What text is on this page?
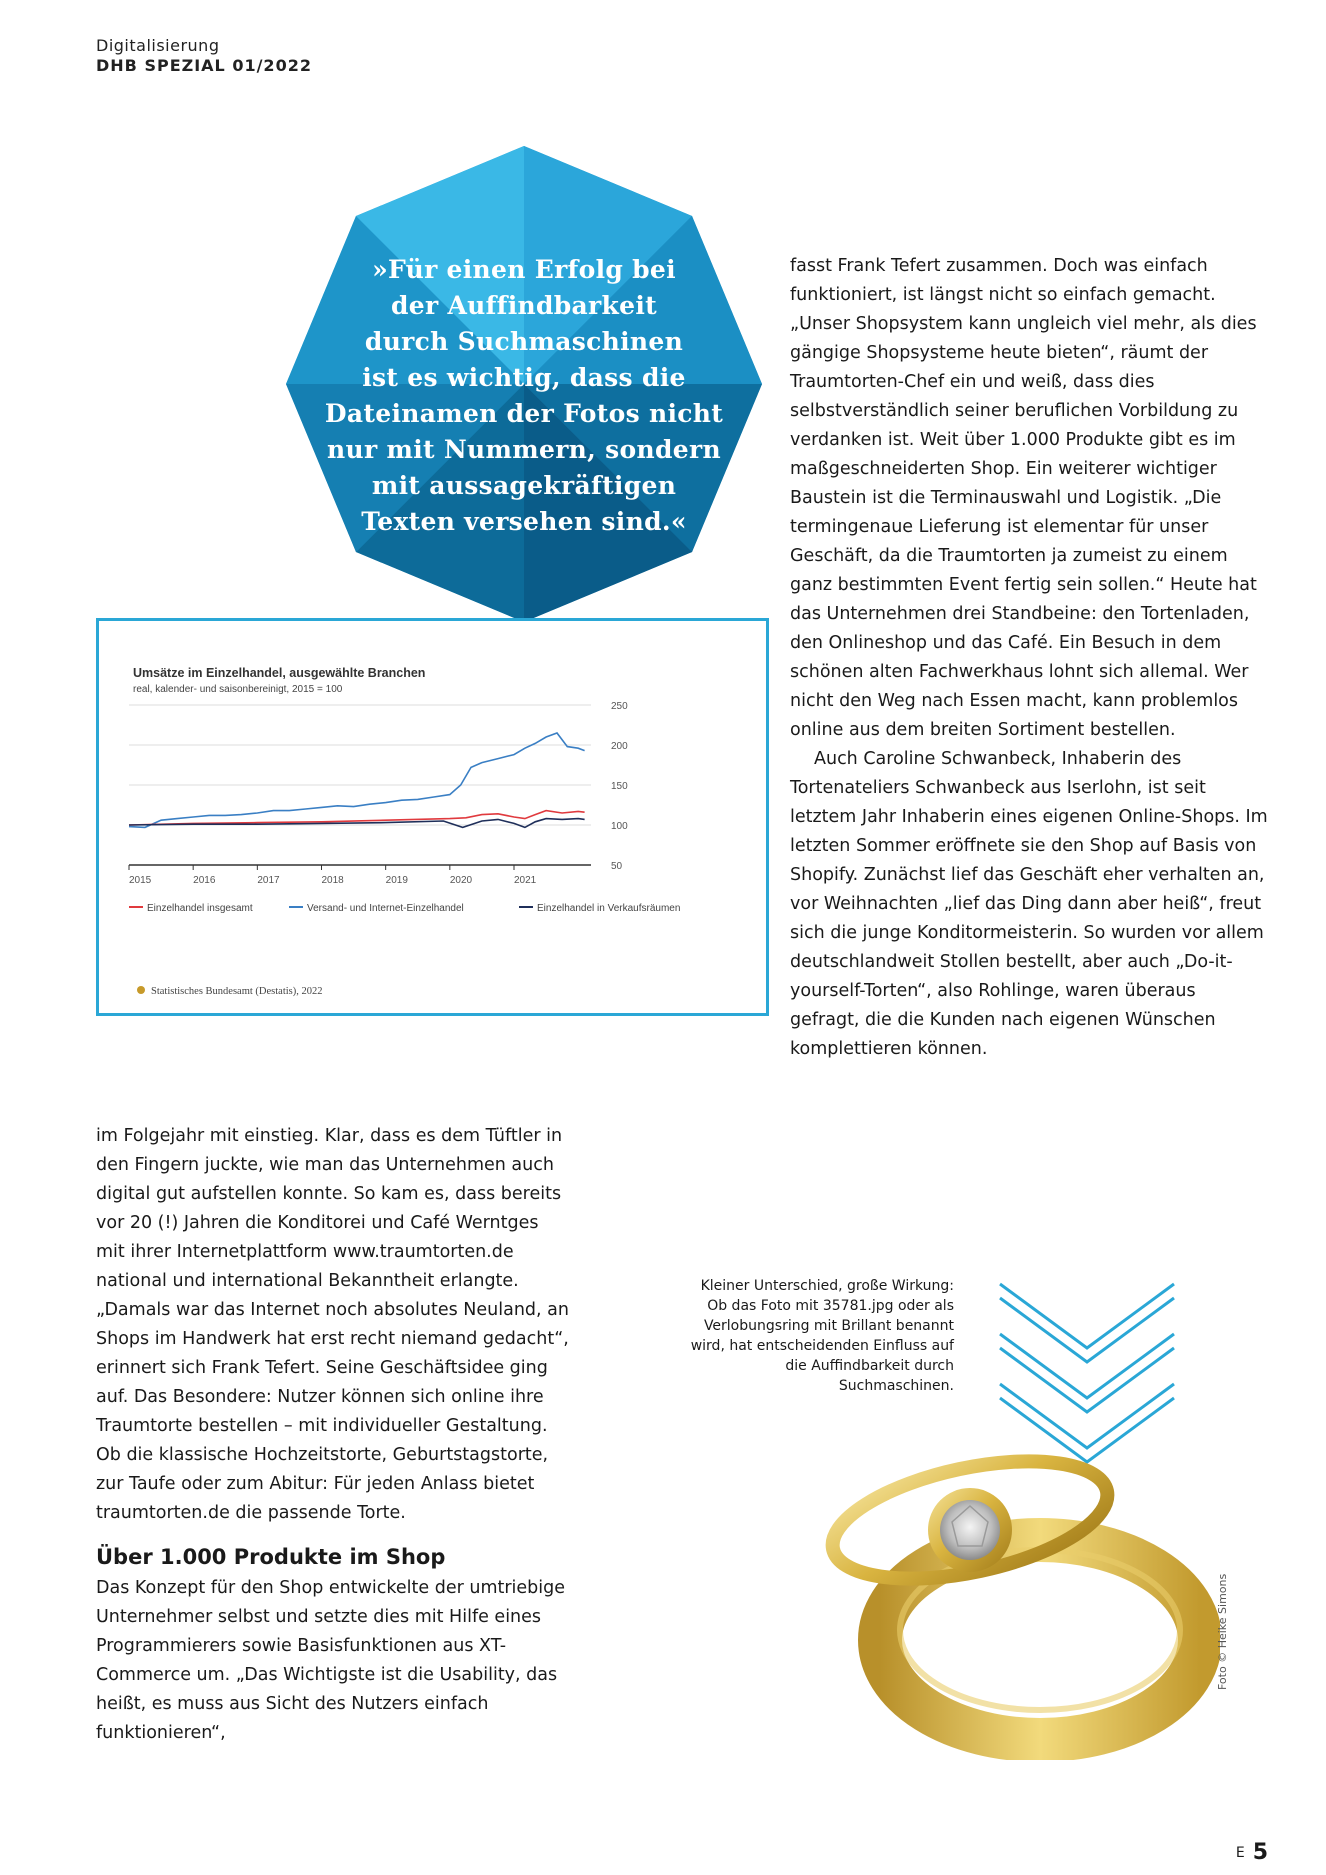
Digitalisierung
DHB SPEZIAL 01/2022
»Für einen Erfolg bei
der Auffindbarkeit
durch Suchmaschinen
ist es wichtig, dass die
Dateinamen der Fotos nicht
nur mit Nummern, sondern
mit aussagekräftigen
Texten versehen sind.«
Umsätze im Einzelhandel, ausgewählte Branchen
real, kalender- und saisonbereinigt, 2015 = 100
50
100
150
200
250
2015	2016	2017	2018	2019	2020	2021
Einzelhandel insgesamt	Versand- und Internet-Einzelhandel	Einzelhandel in Verkaufsräumen
Statistisches Bundesamt (Destatis), 2022

fasst Frank Tefert zusammen. Doch was einfach funktioniert, ist längst nicht so einfach gemacht. „Unser Shopsystem kann ungleich viel mehr, als dies gängige Shopsysteme heute bieten“, räumt der Traumtorten-Chef ein und weiß, dass dies selbstverständlich seiner beruflichen Vorbildung zu verdanken ist. Weit über 1.000 Produkte gibt es im maßgeschneiderten Shop. Ein weiterer wichtiger Baustein ist die Terminauswahl und Logistik. „Die termingenaue Lieferung ist elementar für unser Geschäft, da die Traumtorten ja zumeist zu einem ganz bestimmten Event fertig sein sollen.“ Heute hat das Unternehmen drei Standbeine: den Tortenladen, den Onlineshop und das Café. Ein Besuch in dem schönen alten Fachwerkhaus lohnt sich allemal. Wer nicht den Weg nach Essen macht, kann problemlos online aus dem breiten Sortiment bestellen.

Auch Caroline Schwanbeck, Inhaberin des Tortenateliers Schwanbeck aus Iserlohn, ist seit letztem Jahr Inhaberin eines eigenen Online-Shops. Im letzten Sommer eröffnete sie den Shop auf Basis von Shopify. Zunächst lief das Geschäft eher verhalten an, vor Weihnachten „lief das Ding dann aber heiß“, freut sich die junge Konditormeisterin. So wurden vor allem deutschlandweit Stollen bestellt, aber auch „Do-it-yourself-Torten“, also Rohlinge, waren überaus gefragt, die die Kunden nach eigenen Wünschen komplettieren können.

im Folgejahr mit einstieg. Klar, dass es dem Tüftler in den Fingern juckte, wie man das Unternehmen auch digital gut aufstellen konnte. So kam es, dass bereits vor 20 (!) Jahren die Konditorei und Café Werntges mit ihrer Internetplattform www.traumtorten.de national und international Bekanntheit erlangte. „Damals war das Internet noch absolutes Neuland, an Shops im Handwerk hat erst recht niemand gedacht“, erinnert sich Frank Tefert. Seine Geschäftsidee ging auf. Das Besondere: Nutzer können sich online ihre Traumtorte bestellen – mit individueller Gestaltung. Ob die klassische Hochzeitstorte, Geburtstagstorte, zur Taufe oder zum Abitur: Für jeden Anlass bietet traumtorten.de die passende Torte.

Über 1.000 Produkte im Shop

Das Konzept für den Shop entwickelte der umtriebige Unternehmer selbst und setzte dies mit Hilfe eines Programmierers sowie Basisfunktionen aus XT-Commerce um. „Das Wichtigste ist die Usability, das heißt, es muss aus Sicht des Nutzers einfach funktionieren“,

Kleiner Unterschied, große Wirkung: Ob das Foto mit 35781.jpg oder als Verlobungsring mit Brillant benannt wird, hat entscheidenden Einfluss auf die Auffindbarkeit durch Suchmaschinen.
Foto © Heike Simons
E 5
